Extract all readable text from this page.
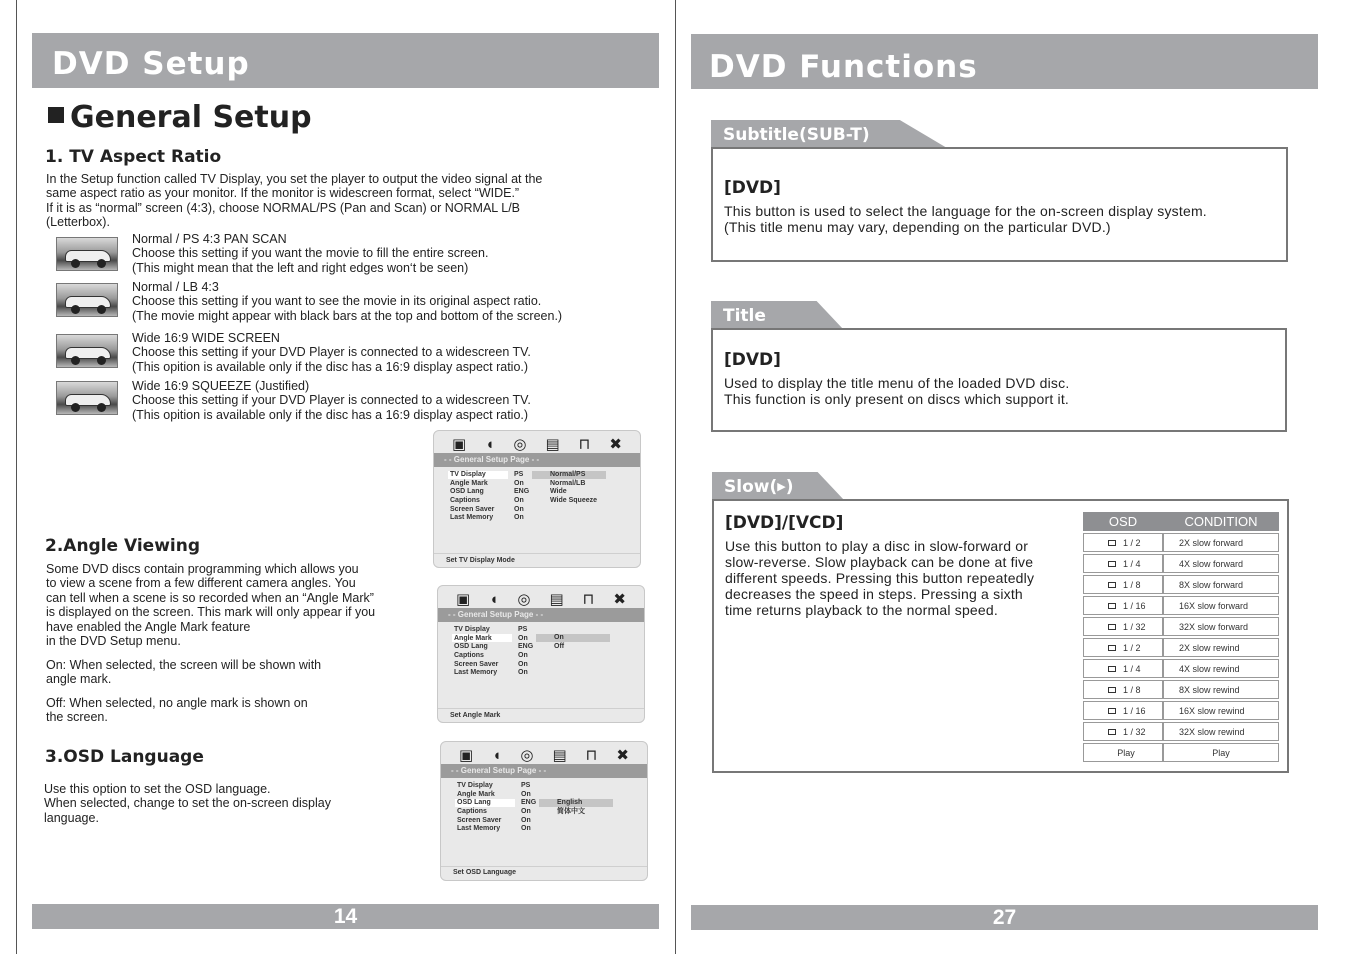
DVD Setup
General Setup
1. TV Aspect Ratio
In the Setup function called TV Display, you set the player to output the video signal at the
same aspect ratio as your monitor. If the monitor is widescreen format, select “WIDE.”
If it is as “normal” screen (4:3), choose NORMAL/PS (Pan and Scan) or NORMAL L/B
(Letterbox).
Normal / PS 4:3 PAN SCAN
Choose this setting if you want the movie to fill the entire screen.
(This might mean that the left and right edges won‘t be seen)
Normal / LB 4:3
Choose this setting if you want to see the movie in its original aspect ratio.
(The movie might appear with black bars at the top and bottom of the screen.)
Wide 16:9 WIDE SCREEN
Choose this setting if your DVD Player is connected to a widescreen TV.
(This opition is available only if the disc has a 16:9 display aspect ratio.)
Wide 16:9 SQUEEZE (Justified)
Choose this setting if your DVD Player is connected to a widescreen TV.
(This opition is available only if the disc has a 16:9 display aspect ratio.)
▣ ◖ ◎ ▤ ⊓ ✖
- - General Setup Page - -
TV Display
Angle Mark
OSD Lang
Captions
Screen Saver
Last Memory
PS
On
ENG
On
On
On
Normal/PS
Normal/LB
Wide
Wide Squeeze
Set TV Display Mode
2.Angle Viewing
Some DVD discs contain programming which allows you
to view a scene from a few different camera angles. You
can tell when a scene is so recorded when an “Angle Mark”
is displayed on the screen. This mark will only appear if you
have enabled the Angle Mark feature
in the DVD Setup menu.
On: When selected, the screen will be shown with
angle mark.
Off: When selected, no angle mark is shown on
the screen.
▣ ◖ ◎ ▤ ⊓ ✖
- - General Setup Page - -
TV Display
Angle Mark
OSD Lang
Captions
Screen Saver
Last Memory
PS
On
ENG
On
On
On
On
Off
Set Angle Mark
3.OSD Language
Use this option to set the OSD language.
When selected, change to set the on-screen display
language.
▣ ◖ ◎ ▤ ⊓ ✖
- - General Setup Page - -
TV Display
Angle Mark
OSD Lang
Captions
Screen Saver
Last Memory
PS
On
ENG
On
On
On
English
简体中文
Set OSD Language
14
DVD Functions
Subtitle(SUB-T)
[DVD]
This button is used to select the language for the on-screen display system.
(This title menu may vary, depending on the particular DVD.)
Title
[DVD]
Used to display the title menu of the loaded DVD disc.
This function is only present on discs which support it.
Slow(▶)
[DVD]/[VCD]
Use this button to play a disc in slow-forward or
slow-reverse. Slow playback can be done at five
different speeds. Pressing this button repeatedly
decreases the speed in steps. Pressing a sixth
time returns playback to the normal speed.
OSD	CONDITION
1 / 2	2X slow forward
1 / 4	4X slow forward
1 / 8	8X slow forward
1 / 16	16X slow forward
1 / 32	32X slow forward
1 / 2	2X slow rewind
1 / 4	4X slow rewind
1 / 8	8X slow rewind
1 / 16	16X slow rewind
1 / 32	32X slow rewind
Play	Play
27
